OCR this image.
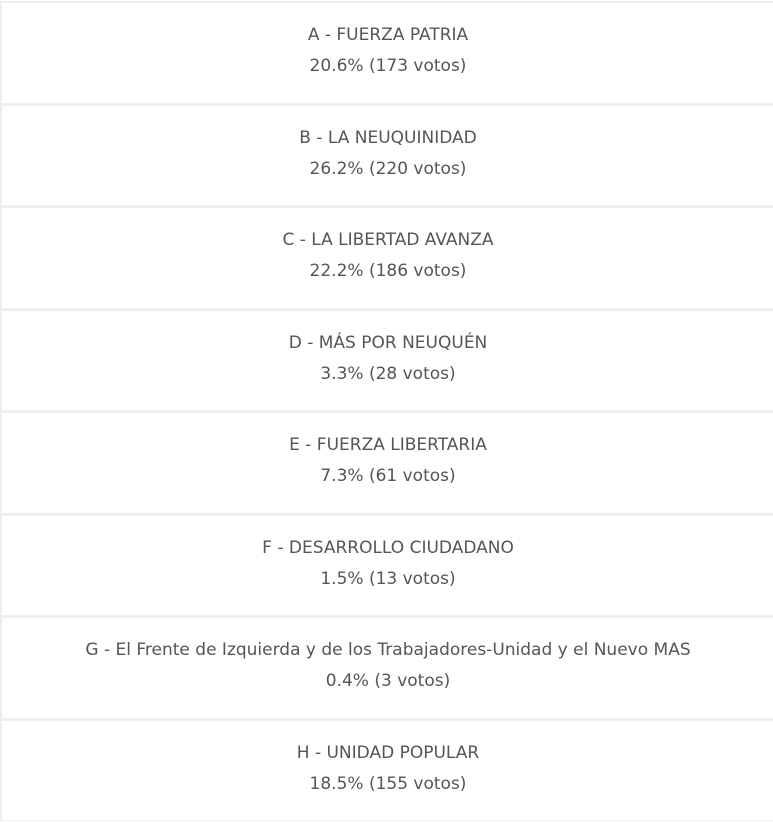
A - FUERZA PATRIA
20.6% (173 votos)
B - LA NEUQUINIDAD
26.2% (220 votos)
C - LA LIBERTAD AVANZA
22.2% (186 votos)
D - MÁS POR NEUQUÉN
3.3% (28 votos)
E - FUERZA LIBERTARIA
7.3% (61 votos)
F - DESARROLLO CIUDADANO
1.5% (13 votos)
G - El Frente de Izquierda y de los Trabajadores-Unidad y el Nuevo MAS
0.4% (3 votos)
H - UNIDAD POPULAR
18.5% (155 votos)
